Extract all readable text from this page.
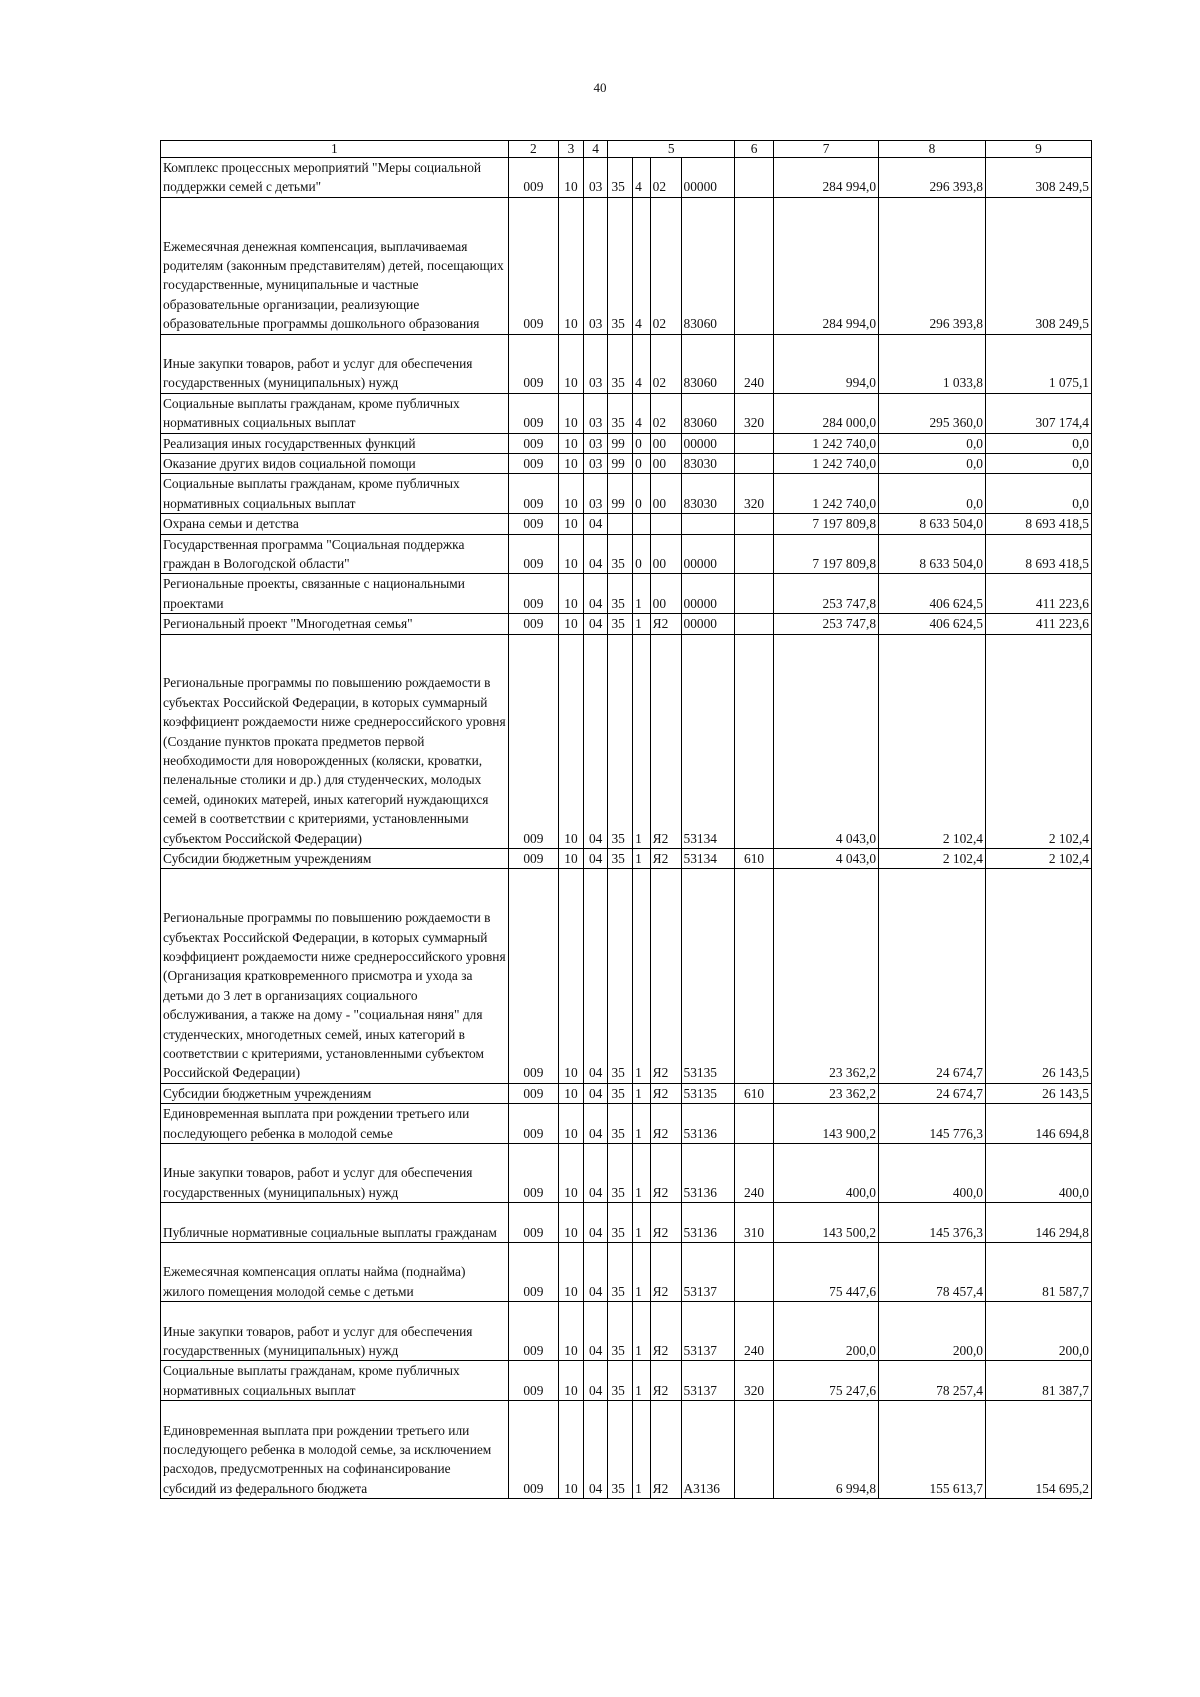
40
1	2	3	4	5				6	7	8	9
Комплекс процессных мероприятий "Меры социальной поддержки семей с детьми"	009	10	03	35	4	02	00000		284 994,0	296 393,8	308 249,5
Ежемесячная денежная компенсация, выплачиваемая родителям (законным представителям) детей, посещающих государственные, муниципальные и частные образовательные организации, реализующие образовательные программы дошкольного образования	009	10	03	35	4	02	83060		284 994,0	296 393,8	308 249,5
Иные закупки товаров, работ и услуг для обеспечения государственных (муниципальных) нужд	009	10	03	35	4	02	83060	240	994,0	1 033,8	1 075,1
Социальные выплаты гражданам, кроме публичных нормативных социальных выплат	009	10	03	35	4	02	83060	320	284 000,0	295 360,0	307 174,4
Реализация иных государственных функций	009	10	03	99	0	00	00000		1 242 740,0	0,0	0,0
Оказание других видов социальной помощи	009	10	03	99	0	00	83030		1 242 740,0	0,0	0,0
Социальные выплаты гражданам, кроме публичных нормативных социальных выплат	009	10	03	99	0	00	83030	320	1 242 740,0	0,0	0,0
Охрана семьи и детства	009	10	04						7 197 809,8	8 633 504,0	8 693 418,5
Государственная программа "Социальная поддержка граждан в Вологодской области"	009	10	04	35	0	00	00000		7 197 809,8	8 633 504,0	8 693 418,5
Региональные проекты, связанные с национальными проектами	009	10	04	35	1	00	00000		253 747,8	406 624,5	411 223,6
Региональный проект "Многодетная семья"	009	10	04	35	1	Я2	00000		253 747,8	406 624,5	411 223,6
Региональные программы по повышению рождаемости в субъектах Российской Федерации, в которых суммарный коэффициент рождаемости ниже среднероссийского уровня (Создание пунктов проката предметов первой необходимости для новорожденных (коляски, кроватки, пеленальные столики и др.) для студенческих, молодых семей, одиноких матерей, иных категорий нуждающихся семей в соответствии с критериями, установленными субъектом Российской Федерации)	009	10	04	35	1	Я2	53134		4 043,0	2 102,4	2 102,4
Субсидии бюджетным учреждениям	009	10	04	35	1	Я2	53134	610	4 043,0	2 102,4	2 102,4
Региональные программы по повышению рождаемости в субъектах Российской Федерации, в которых суммарный коэффициент рождаемости ниже среднероссийского уровня (Организация кратковременного присмотра и ухода за детьми до 3 лет в организациях социального обслуживания, а также на дому - "социальная няня" для студенческих, многодетных семей, иных категорий в соответствии с критериями, установленными субъектом Российской Федерации)	009	10	04	35	1	Я2	53135		23 362,2	24 674,7	26 143,5
Субсидии бюджетным учреждениям	009	10	04	35	1	Я2	53135	610	23 362,2	24 674,7	26 143,5
Единовременная выплата при рождении третьего или последующего ребенка в молодой семье	009	10	04	35	1	Я2	53136		143 900,2	145 776,3	146 694,8
Иные закупки товаров, работ и услуг для обеспечения государственных (муниципальных) нужд	009	10	04	35	1	Я2	53136	240	400,0	400,0	400,0
Публичные нормативные социальные выплаты гражданам	009	10	04	35	1	Я2	53136	310	143 500,2	145 376,3	146 294,8
Ежемесячная компенсация оплаты найма (поднайма) жилого помещения молодой семье с детьми	009	10	04	35	1	Я2	53137		75 447,6	78 457,4	81 587,7
Иные закупки товаров, работ и услуг для обеспечения государственных (муниципальных) нужд	009	10	04	35	1	Я2	53137	240	200,0	200,0	200,0
Социальные выплаты гражданам, кроме публичных нормативных социальных выплат	009	10	04	35	1	Я2	53137	320	75 247,6	78 257,4	81 387,7
Единовременная выплата при рождении третьего или последующего ребенка в молодой семье, за исключением расходов, предусмотренных на софинансирование субсидий из федерального бюджета	009	10	04	35	1	Я2	А3136		6 994,8	155 613,7	154 695,2
